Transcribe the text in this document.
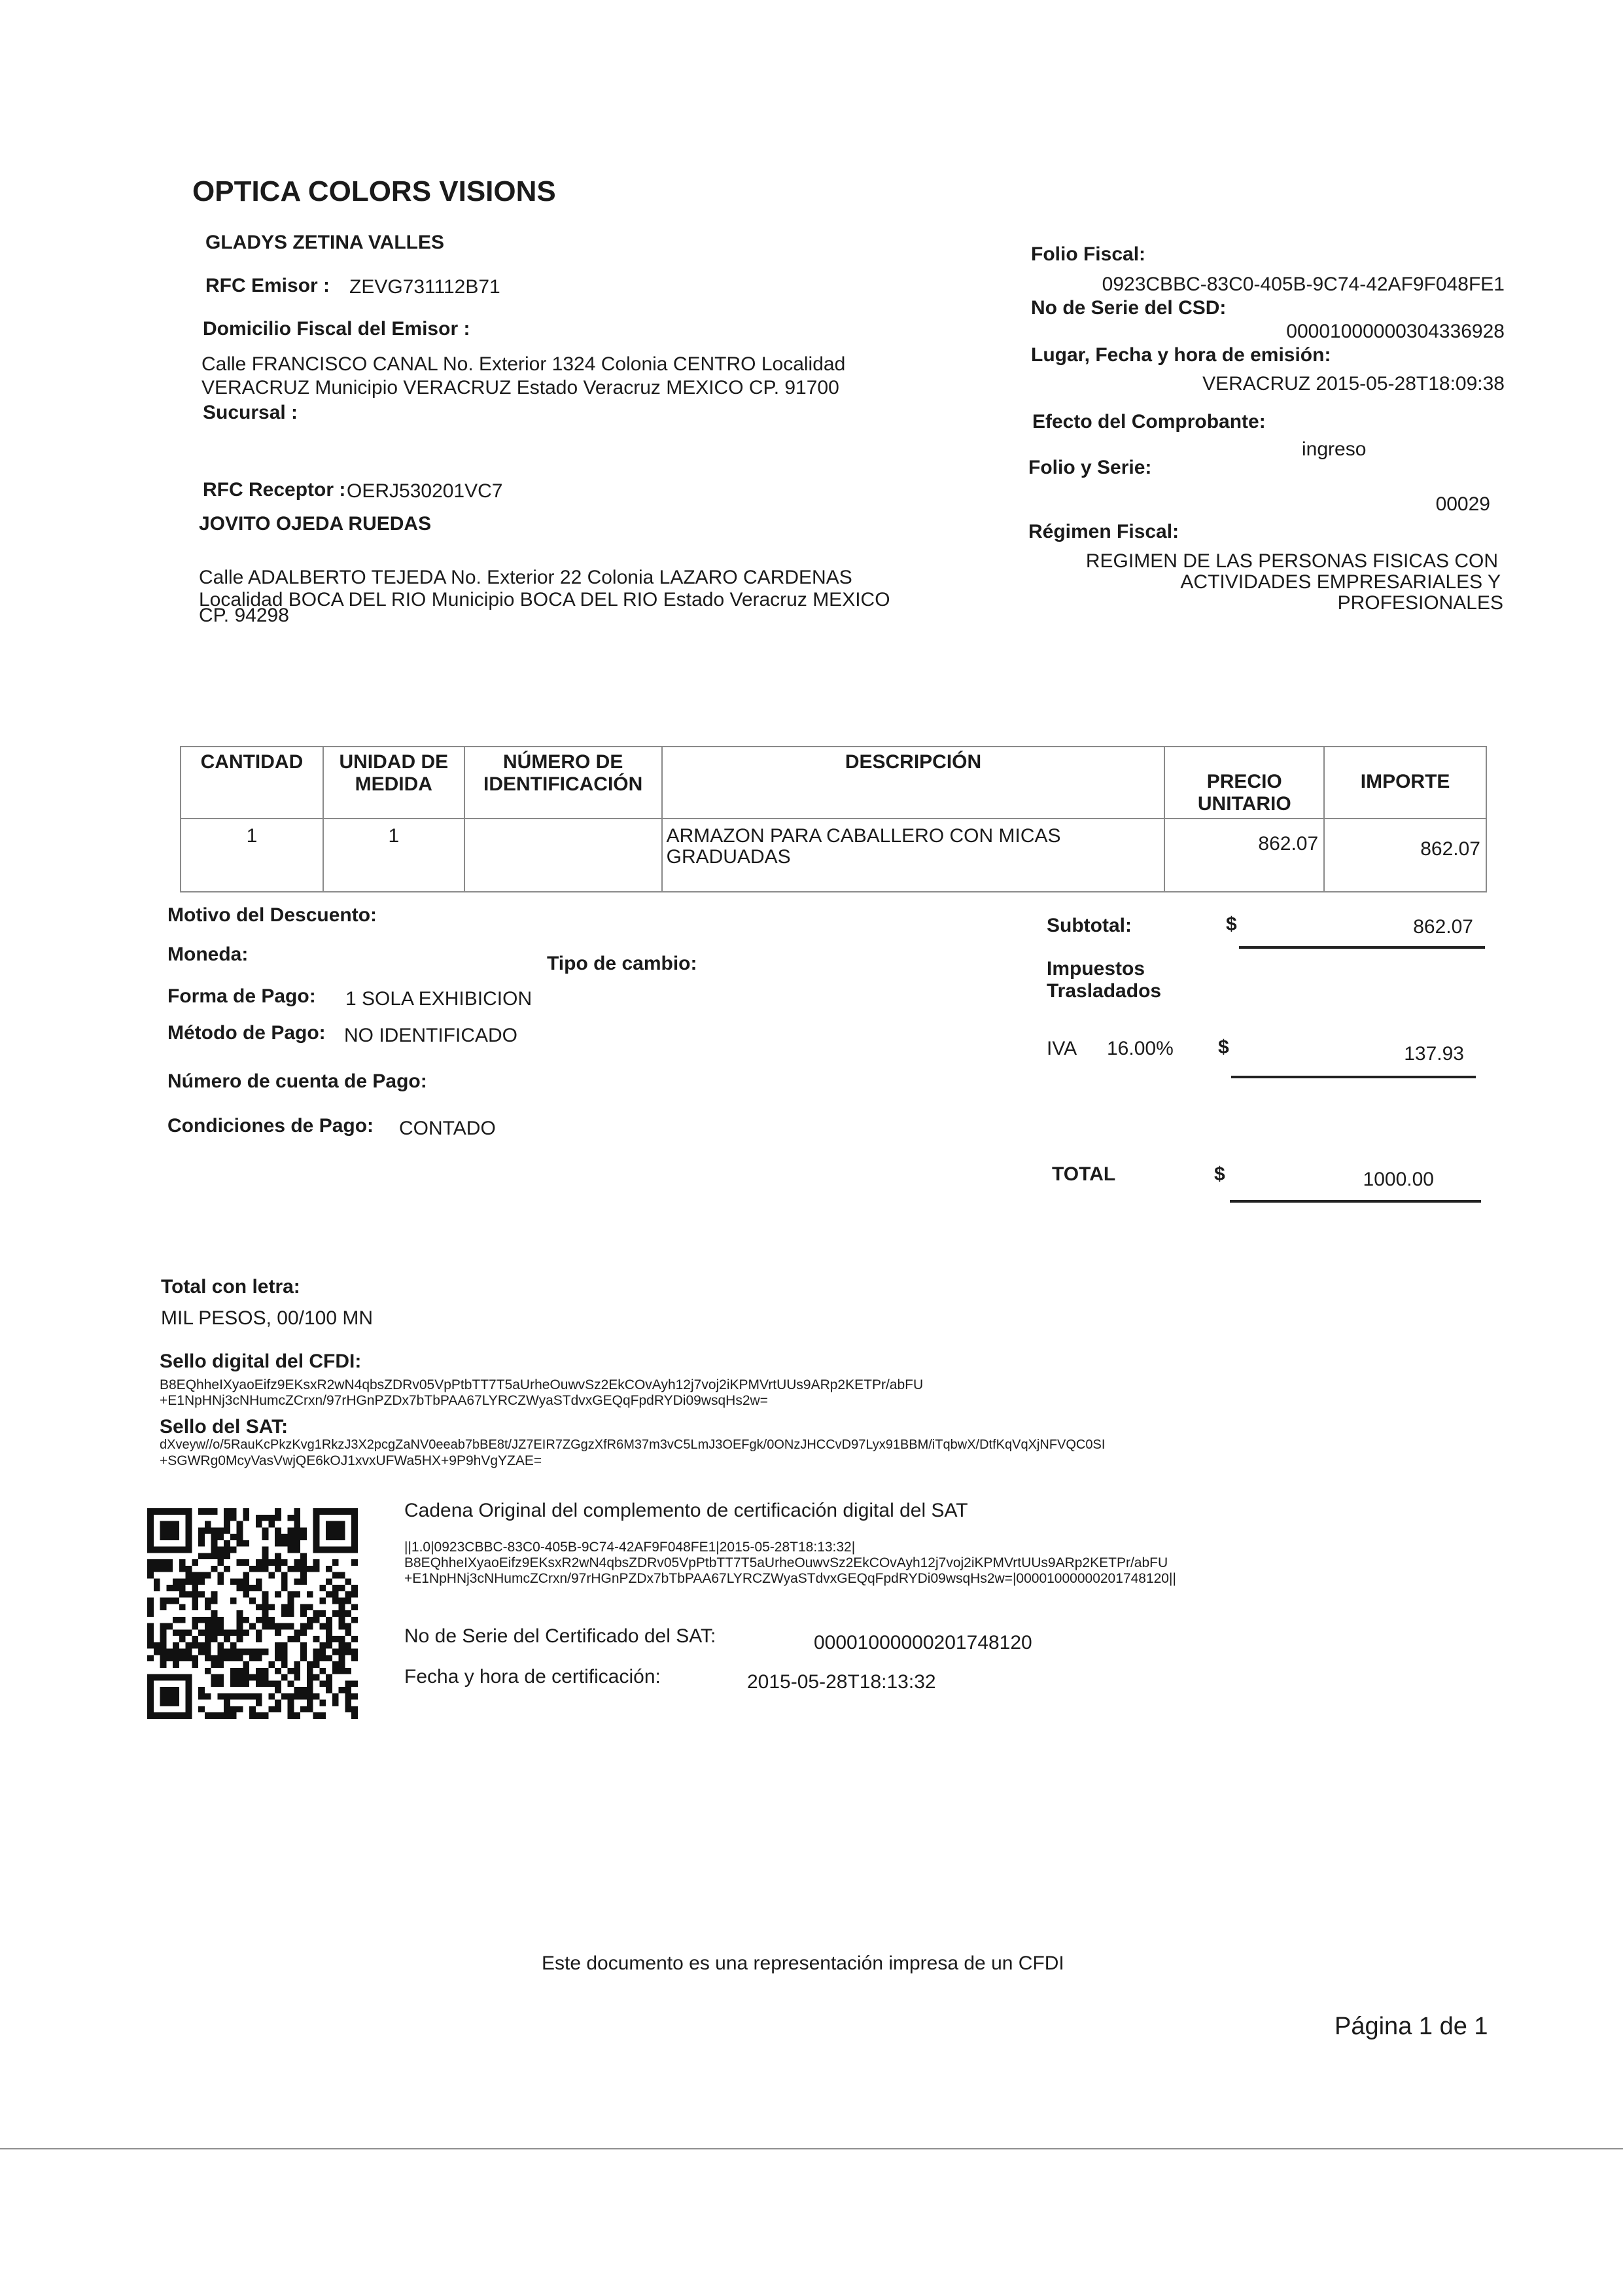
OPTICA COLORS VISIONS
GLADYS ZETINA VALLES
RFC Emisor : ZEVG731112B71
Domicilio Fiscal del Emisor :
Calle FRANCISCO CANAL No. Exterior 1324 Colonia CENTRO Localidad
VERACRUZ Municipio VERACRUZ Estado Veracruz MEXICO CP. 91700
Sucursal :
RFC Receptor : OERJ530201VC7
JOVITO OJEDA RUEDAS
Calle ADALBERTO TEJEDA No. Exterior 22 Colonia LAZARO CARDENAS
Localidad BOCA DEL RIO Municipio BOCA DEL RIO Estado Veracruz MEXICO
CP. 94298
Folio Fiscal:
0923CBBC-83C0-405B-9C74-42AF9F048FE1
No de Serie del CSD:
00001000000304336928
Lugar, Fecha y hora de emisión:
VERACRUZ 2015-05-28T18:09:38
Efecto del Comprobante:
ingreso
Folio y Serie:
00029
Régimen Fiscal:
REGIMEN DE LAS PERSONAS FISICAS CON
ACTIVIDADES EMPRESARIALES Y
PROFESIONALES
CANTIDAD	UNIDAD DE MEDIDA	NÚMERO DE IDENTIFICACIÓN	DESCRIPCIÓN	PRECIO UNITARIO	IMPORTE
1	1		ARMAZON PARA CABALLERO CON MICAS GRADUADAS	862.07	862.07
Motivo del Descuento:
Moneda:	Tipo de cambio:
Forma de Pago: 1 SOLA EXHIBICION
Método de Pago: NO IDENTIFICADO
Número de cuenta de Pago:
Condiciones de Pago: CONTADO
Subtotal:	$	862.07
Impuestos
Trasladados
IVA 16.00% $	137.93
TOTAL	$	1000.00
Total con letra:
MIL PESOS, 00/100 MN
Sello digital del CFDI:
B8EQhheIXyaoEifz9EKsxR2wN4qbsZDRv05VpPtbTT7T5aUrheOuwvSz2EkCOvAyh12j7voj2iKPMVrtUUs9ARp2KETPr/abFU
+E1NpHNj3cNHumcZCrxn/97rHGnPZDx7bTbPAA67LYRCZWyaSTdvxGEQqFpdRYDi09wsqHs2w=
Sello del SAT:
dXveyw//o/5RauKcPkzKvg1RkzJ3X2pcgZaNV0eeab7bBE8t/JZ7EIR7ZGgzXfR6M37m3vC5LmJ3OEFgk/0ONzJHCCvD97Lyx91BBM/iTqbwX/DtfKqVqXjNFVQC0SI
+SGWRg0McyVasVwjQE6kOJ1xvxUFWa5HX+9P9hVgYZAE=
Cadena Original del complemento de certificación digital del SAT
||1.0|0923CBBC-83C0-405B-9C74-42AF9F048FE1|2015-05-28T18:13:32|
B8EQhheIXyaoEifz9EKsxR2wN4qbsZDRv05VpPtbTT7T5aUrheOuwvSz2EkCOvAyh12j7voj2iKPMVrtUUs9ARp2KETPr/abFU
+E1NpHNj3cNHumcZCrxn/97rHGnPZDx7bTbPAA67LYRCZWyaSTdvxGEQqFpdRYDi09wsqHs2w=|00001000000201748120||
No de Serie del Certificado del SAT:	00001000000201748120
Fecha y hora de certificación:	2015-05-28T18:13:32
Este documento es una representación impresa de un CFDI
Página 1 de 1
